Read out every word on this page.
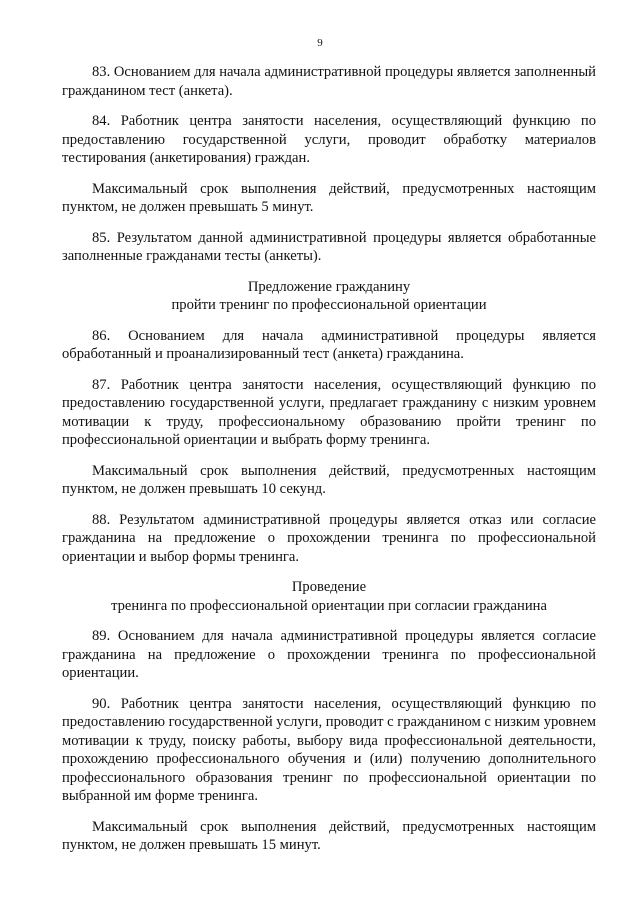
9

83. Основанием для начала административной процедуры является заполненный гражданином тест (анкета).

84. Работник центра занятости населения, осуществляющий функцию по предоставлению государственной услуги, проводит обработку материалов тестирования (анкетирования) граждан.

Максимальный срок выполнения действий, предусмотренных настоящим пунктом, не должен превышать 5 минут.

85. Результатом данной административной процедуры является обработанные заполненные гражданами тесты (анкеты).

Предложение гражданину
пройти тренинг по профессиональной ориентации

86. Основанием для начала административной процедуры является обработанный и проанализированный тест (анкета) гражданина.

87. Работник центра занятости населения, осуществляющий функцию по предоставлению государственной услуги, предлагает гражданину с низким уровнем мотивации к труду, профессиональному образованию пройти тренинг по профессиональной ориентации и выбрать форму тренинга.

Максимальный срок выполнения действий, предусмотренных настоящим пунктом, не должен превышать 10 секунд.

88. Результатом административной процедуры является отказ или согласие гражданина на предложение о прохождении тренинга по профессиональной ориентации и выбор формы тренинга.

Проведение
тренинга по профессиональной ориентации при согласии гражданина

89. Основанием для начала административной процедуры является согласие гражданина на предложение о прохождении тренинга по профессиональной ориентации.

90. Работник центра занятости населения, осуществляющий функцию по предоставлению государственной услуги, проводит с гражданином с низким уровнем мотивации к труду, поиску работы, выбору вида профессиональной деятельности, прохождению профессионального обучения и (или) получению дополнительного профессионального образования тренинг по профессиональной ориентации по выбранной им форме тренинга.

Максимальный срок выполнения действий, предусмотренных настоящим пунктом, не должен превышать 15 минут.
